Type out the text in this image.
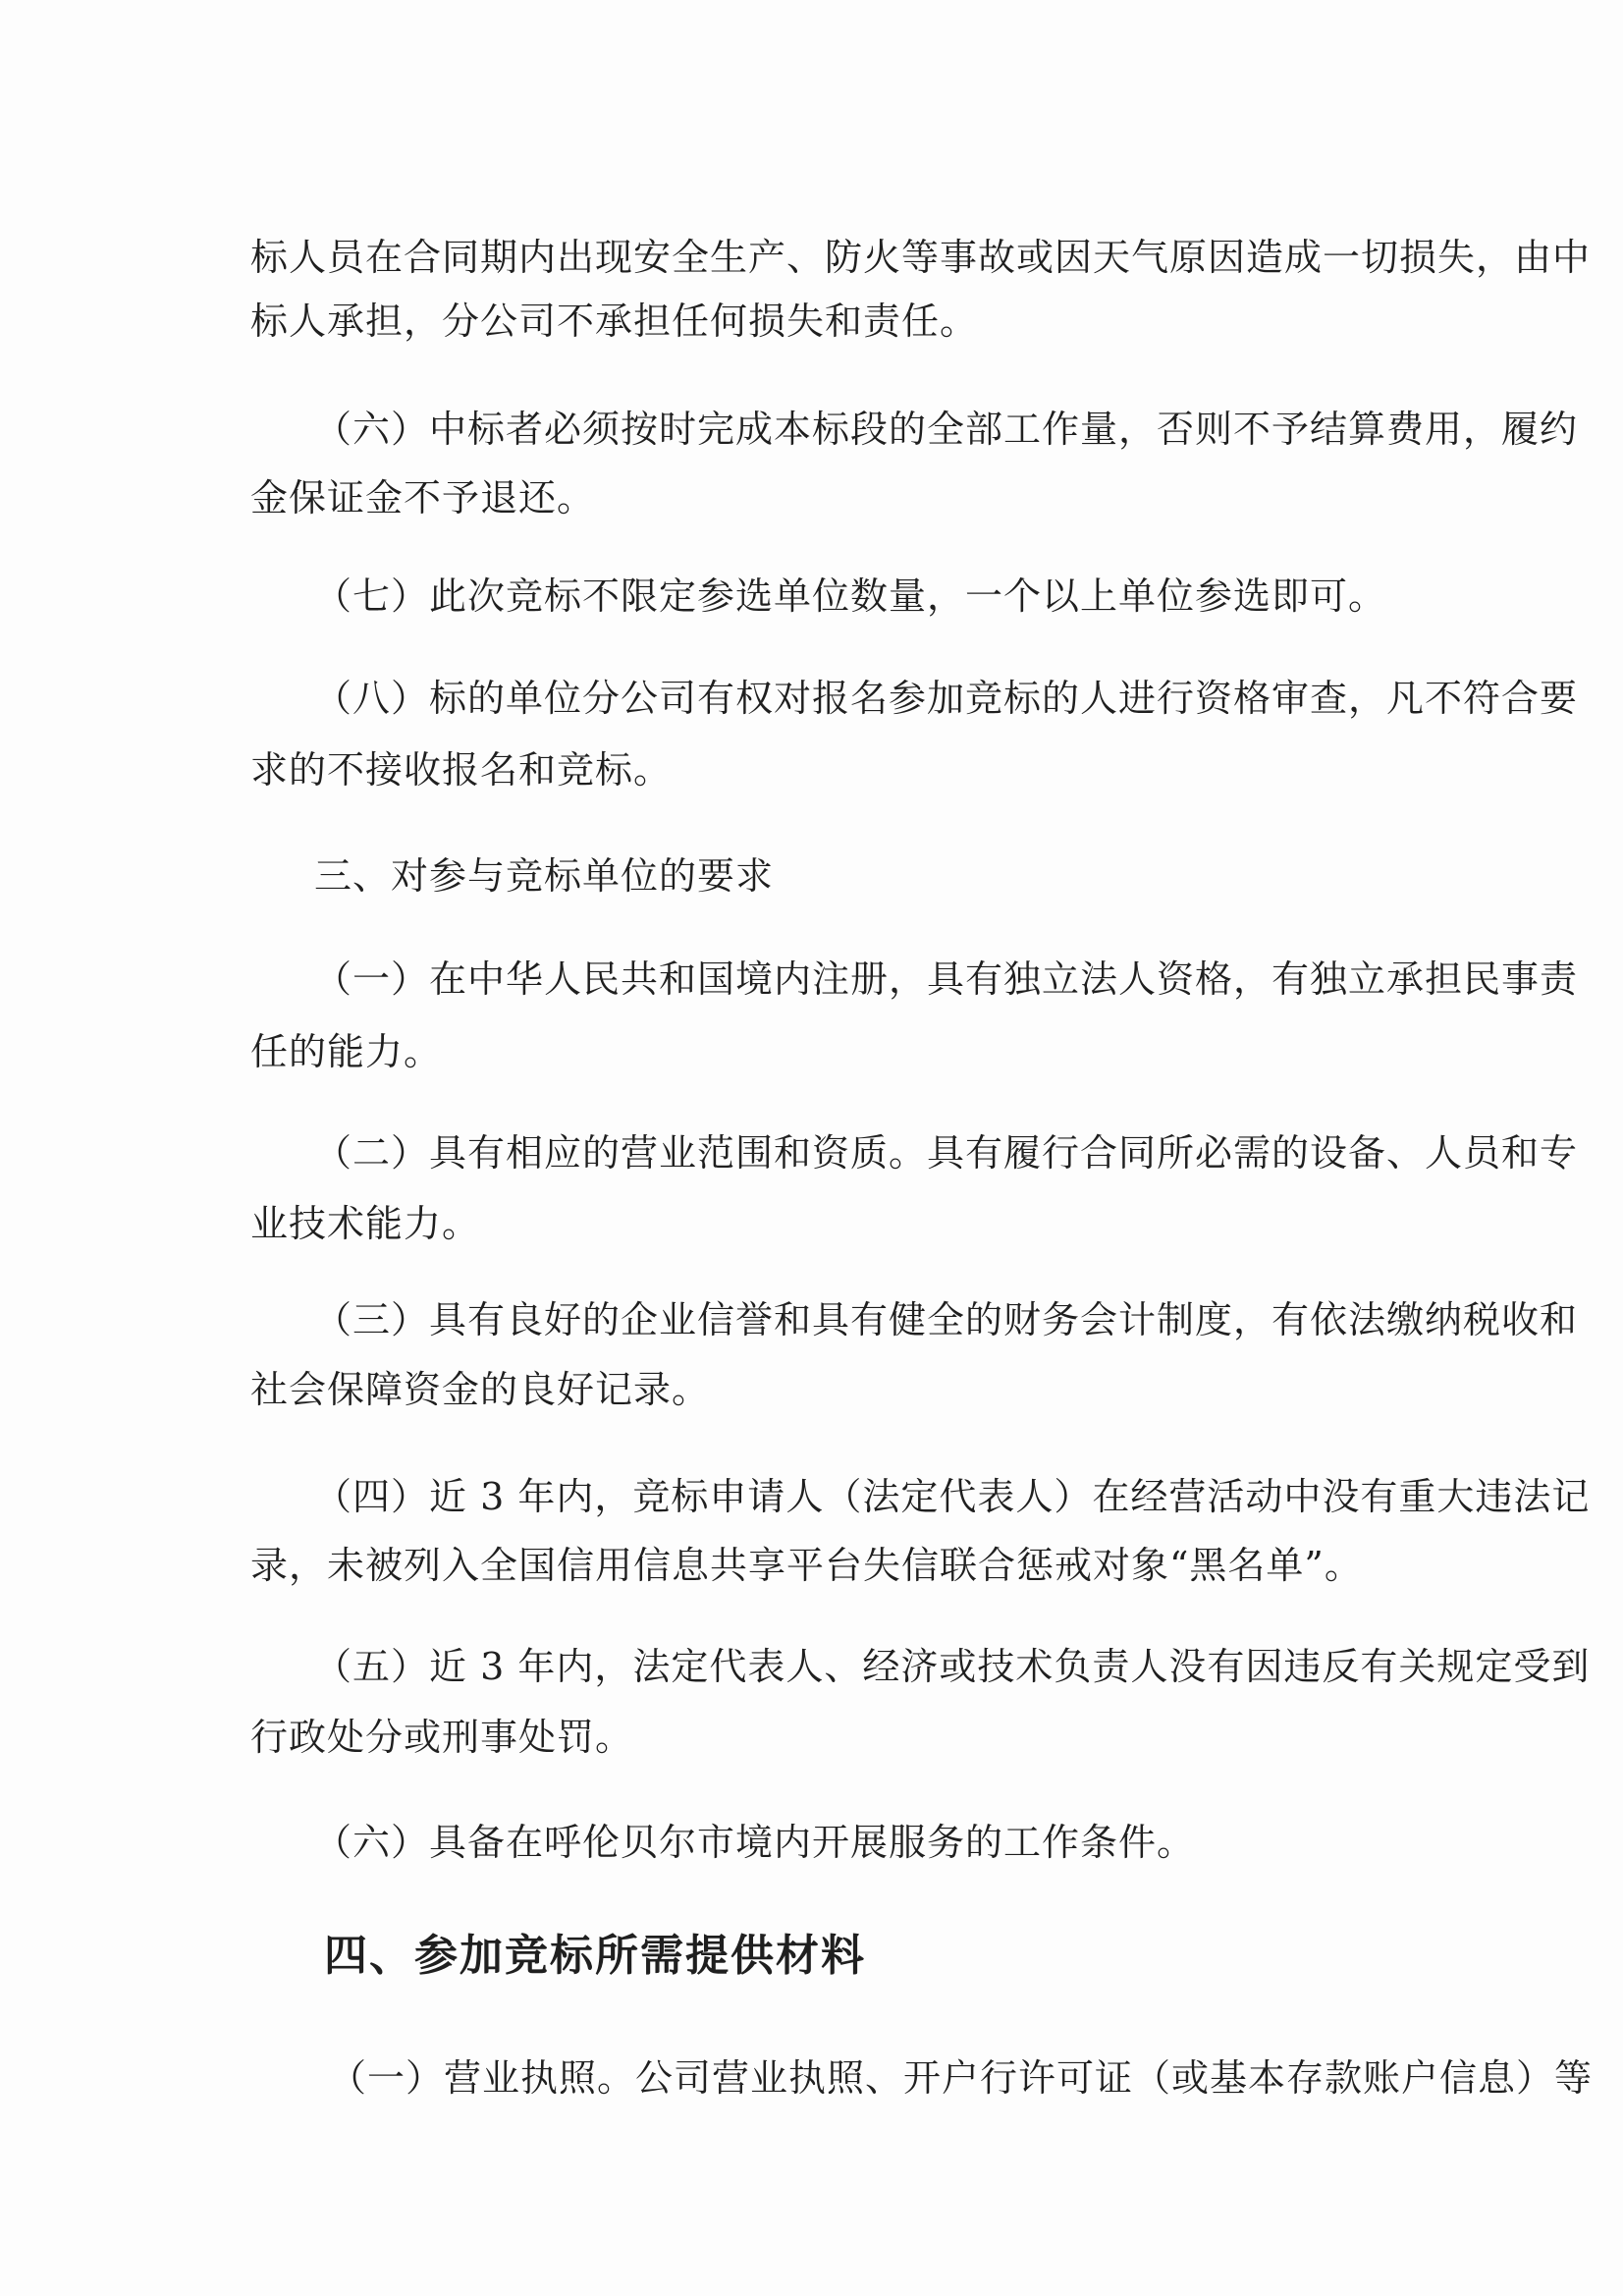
标人员在合同期内出现安全生产、防火等事故或因天气原因造成一切损失，由中
标人承担，分公司不承担任何损失和责任。
（六）中标者必须按时完成本标段的全部工作量，否则不予结算费用，履约
金保证金不予退还。
（七）此次竞标不限定参选单位数量，一个以上单位参选即可。
（八）标的单位分公司有权对报名参加竞标的人进行资格审查，凡不符合要
求的不接收报名和竞标。
三、对参与竞标单位的要求
（一）在中华人民共和国境内注册，具有独立法人资格，有独立承担民事责
任的能力。
（二）具有相应的营业范围和资质。具有履行合同所必需的设备、人员和专
业技术能力。
（三）具有良好的企业信誉和具有健全的财务会计制度，有依法缴纳税收和
社会保障资金的良好记录。
（四）近 3 年内，竞标申请人（法定代表人）在经营活动中没有重大违法记
录，未被列入全国信用信息共享平台失信联合惩戒对象“黑名单”。
（五）近 3 年内，法定代表人、经济或技术负责人没有因违反有关规定受到
行政处分或刑事处罚。
（六）具备在呼伦贝尔市境内开展服务的工作条件。
四、参加竞标所需提供材料
（一）营业执照。公司营业执照、开户行许可证（或基本存款账户信息）等
